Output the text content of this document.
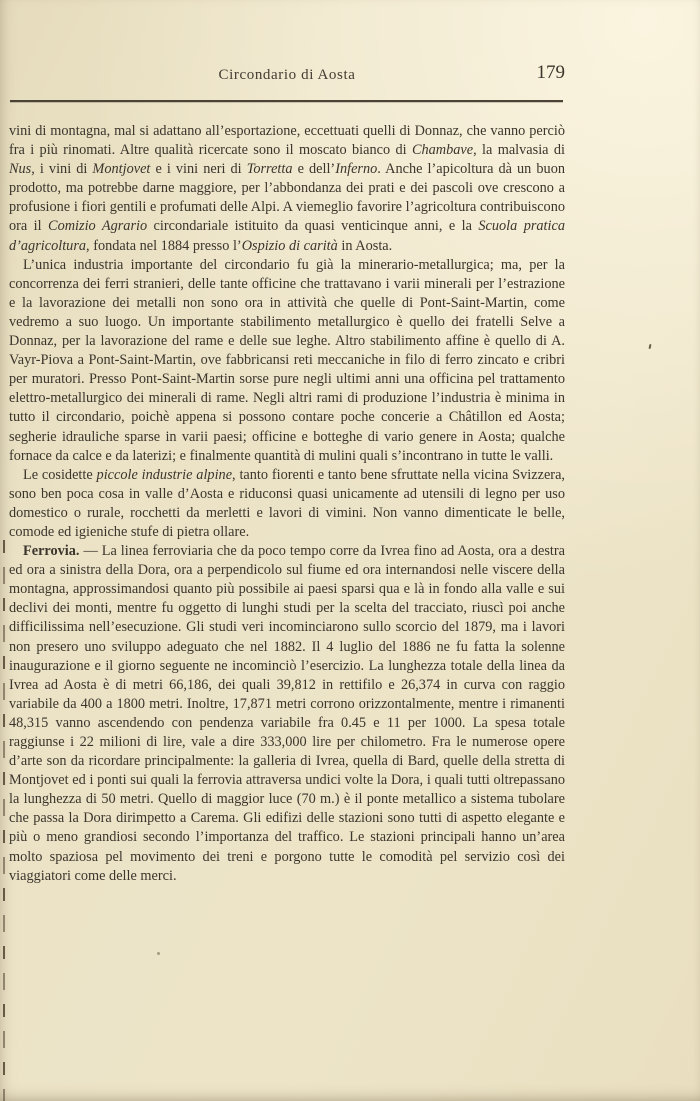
Circondario di Aosta	179

vini di montagna, mal si adattano all’esportazione, eccettuati quelli di Donnaz, che vanno perciò fra i più rinomati. Altre qualità ricercate sono il moscato bianco di Chambave, la malvasia di Nus, i vini di Montjovet e i vini neri di Torretta e dell’Inferno. Anche l’apicoltura dà un buon prodotto, ma potrebbe darne maggiore, per l’abbondanza dei prati e dei pascoli ove crescono a profusione i fiori gentili e profumati delle Alpi. A viemeglio favorire l’agricoltura contribuiscono ora il Comizio Agrario circondariale istituito da quasi venticinque anni, e la Scuola pratica d’agricoltura, fondata nel 1884 presso l’Ospizio di carità in Aosta.

L’unica industria importante del circondario fu già la minerario-metallurgica; ma, per la concorrenza dei ferri stranieri, delle tante officine che trattavano i varii minerali per l’estrazione e la lavorazione dei metalli non sono ora in attività che quelle di Pont-Saint-Martin, come vedremo a suo luogo. Un importante stabilimento metallurgico è quello dei fratelli Selve a Donnaz, per la lavorazione del rame e delle sue leghe. Altro stabilimento affine è quello di A. Vayr-Piova a Pont-Saint-Martin, ove fabbricansi reti meccaniche in filo di ferro zincato e cribri per muratori. Presso Pont-Saint-Martin sorse pure negli ultimi anni una officina pel trattamento elettro-metallurgico dei minerali di rame. Negli altri rami di produzione l’industria è minima in tutto il circondario, poichè appena si possono contare poche concerie a Châtillon ed Aosta; segherie idrauliche sparse in varii paesi; officine e botteghe di vario genere in Aosta; qualche fornace da calce e da laterizi; e finalmente quantità di mulini quali s’incontrano in tutte le valli.

Le cosidette piccole industrie alpine, tanto fiorenti e tanto bene sfruttate nella vicina Svizzera, sono ben poca cosa in valle d’Aosta e riduconsi quasi unicamente ad utensili di legno per uso domestico o rurale, rocchetti da merletti e lavori di vimini. Non vanno dimenticate le belle, comode ed igieniche stufe di pietra ollare.

Ferrovia. — La linea ferroviaria che da poco tempo corre da Ivrea fino ad Aosta, ora a destra ed ora a sinistra della Dora, ora a perpendicolo sul fiume ed ora internandosi nelle viscere della montagna, approssimandosi quanto più possibile ai paesi sparsi qua e là in fondo alla valle e sui declivi dei monti, mentre fu oggetto di lunghi studi per la scelta del tracciato, riuscì poi anche difficilissima nell’esecuzione. Gli studi veri incominciarono sullo scorcio del 1879, ma i lavori non presero uno sviluppo adeguato che nel 1882. Il 4 luglio del 1886 ne fu fatta la solenne inaugurazione e il giorno seguente ne incominciò l’esercizio. La lunghezza totale della linea da Ivrea ad Aosta è di metri 66,186, dei quali 39,812 in rettifilo e 26,374 in curva con raggio variabile da 400 a 1800 metri. Inoltre, 17,871 metri corrono orizzontalmente, mentre i rimanenti 48,315 vanno ascendendo con pendenza variabile fra 0.45 e 11 per 1000. La spesa totale raggiunse i 22 milioni di lire, vale a dire 333,000 lire per chilometro. Fra le numerose opere d’arte son da ricordare principalmente: la galleria di Ivrea, quella di Bard, quelle della stretta di Montjovet ed i ponti sui quali la ferrovia attraversa undici volte la Dora, i quali tutti oltrepassano la lunghezza di 50 metri. Quello di maggior luce (70 m.) è il ponte metallico a sistema tubolare che passa la Dora dirimpetto a Carema. Gli edifizi delle stazioni sono tutti di aspetto elegante e più o meno grandiosi secondo l’importanza del traffico. Le stazioni principali hanno un’area molto spaziosa pel movimento dei treni e porgono tutte le comodità pel servizio così dei viaggiatori come delle merci.
